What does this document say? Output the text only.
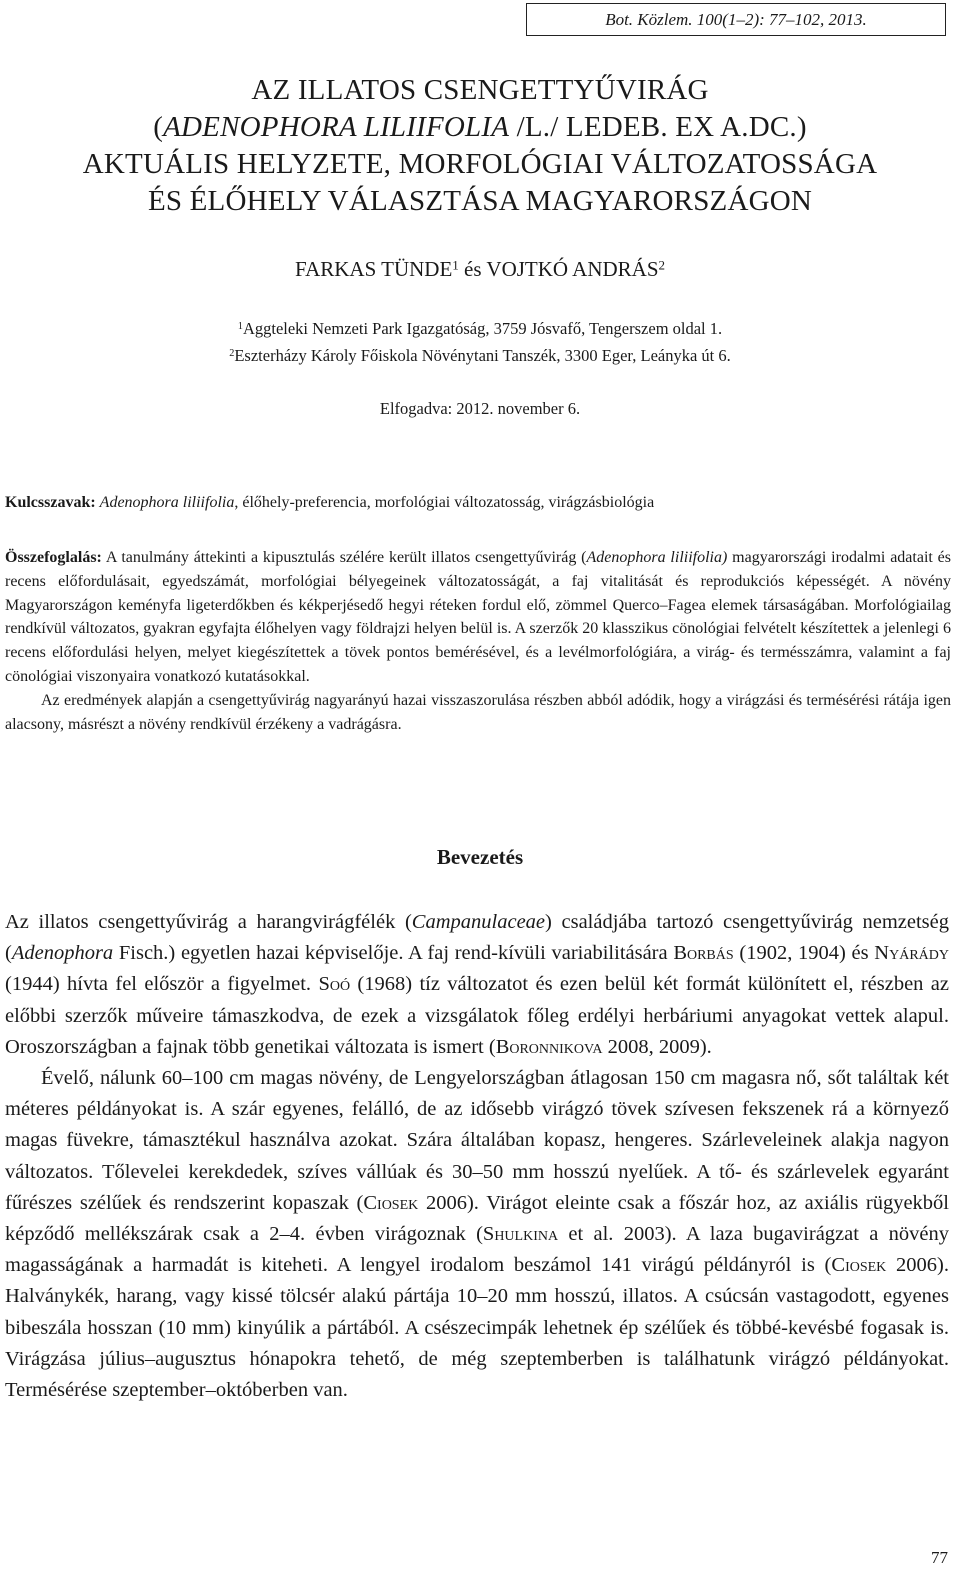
Bot. Közlem. 100(1–2): 77–102, 2013.
AZ ILLATOS CSENGETTYŰVIRÁG
(ADENOPHORA LILIIFOLIA /L./ LEDEB. EX A.DC.)
AKTUÁLIS HELYZETE, MORFOLÓGIAI VÁLTOZATOSSÁGA
ÉS ÉLŐHELY VÁLASZTÁSA MAGYARORSZÁGON
FARKAS TÜNDE$^1$ és VOJTKÓ ANDRÁS$^2$
$^1$Aggteleki Nemzeti Park Igazgatóság, 3759 Jósvafő, Tengerszem oldal 1.
$^2$Eszterházy Károly Főiskola Növénytani Tanszék, 3300 Eger, Leányka út 6.
Elfogadva: 2012. november 6.
Kulcsszavak: Adenophora liliifolia, élőhely-preferencia, morfológiai változatosság, virágzásbiológia

Összefoglalás: A tanulmány áttekinti a kipusztulás szélére került illatos csengettyűvirág (Adenophora liliifolia) magyarországi irodalmi adatait és recens előfordulásait, egyedszámát, morfológiai bélyegeinek változatosságát, a faj vitalitását és reprodukciós képességét. A növény Magyarországon keményfa ligeterdőkben és kékperjésedő hegyi réteken fordul elő, zömmel Querco–Fagea elemek társaságában. Morfológiailag rendkívül változatos, gyakran egyfajta élőhelyen vagy földrajzi helyen belül is. A szerzők 20 klasszikus cönológiai felvételt készítettek a jelenlegi 6 recens előfordulási helyen, melyet kiegészítettek a tövek pontos bemérésével, és a levélmorfológiára, a virág- és termésszámra, valamint a faj cönológiai viszonyaira vonatkozó kutatásokkal.

Az eredmények alapján a csengettyűvirág nagyarányú hazai visszaszorulása részben abból adódik, hogy a virágzási és termésérési rátája igen alacsony, másrészt a növény rendkívül érzékeny a vadrágásra.

Bevezetés

Az illatos csengettyűvirág a harangvirágfélék (Campanulaceae) családjába tartozó csengettyűvirág nemzetség (Adenophora Fisch.) egyetlen hazai képviselője. A faj rend-kívüli variabilitására Borbás (1902, 1904) és Nyárády (1944) hívta fel először a figyelmet. Soó (1968) tíz változatot és ezen belül két formát különített el, részben az előbbi szerzők műveire támaszkodva, de ezek a vizsgálatok főleg erdélyi herbáriumi anyagokat vettek alapul. Oroszországban a fajnak több genetikai változata is ismert (Boronnikova 2008, 2009).

Évelő, nálunk 60–100 cm magas növény, de Lengyelországban átlagosan 150 cm magasra nő, sőt találtak két méteres példányokat is. A szár egyenes, felálló, de az idősebb virágzó tövek szívesen fekszenek rá a környező magas füvekre, támasztékul használva azokat. Szára általában kopasz, hengeres. Szárleveleinek alakja nagyon változatos. Tőlevelei kerekdedek, szíves vállúak és 30–50 mm hosszú nyelűek. A tő- és szárlevelek egyaránt fűrészes szélűek és rendszerint kopaszak (Ciosek 2006). Virágot eleinte csak a főszár hoz, az axiális rügyekből képződő mellékszárak csak a 2–4. évben virágoznak (Shulkina et al. 2003). A laza bugavirágzat a növény magasságának a harmadát is kiteheti. A lengyel irodalom beszámol 141 virágú példányról is (Ciosek 2006). Halványkék, harang, vagy kissé tölcsér alakú pártája 10–20 mm hosszú, illatos. A csúcsán vastagodott, egyenes bibeszála hosszan (10 mm) kinyúlik a pártából. A csészecimpák lehetnek ép szélűek és többé-kevésbé fogasak is. Virágzása július–augusztus hónapokra tehető, de még szeptemberben is találhatunk virágzó példányokat. Termésérése szeptember–októberben van.

77
